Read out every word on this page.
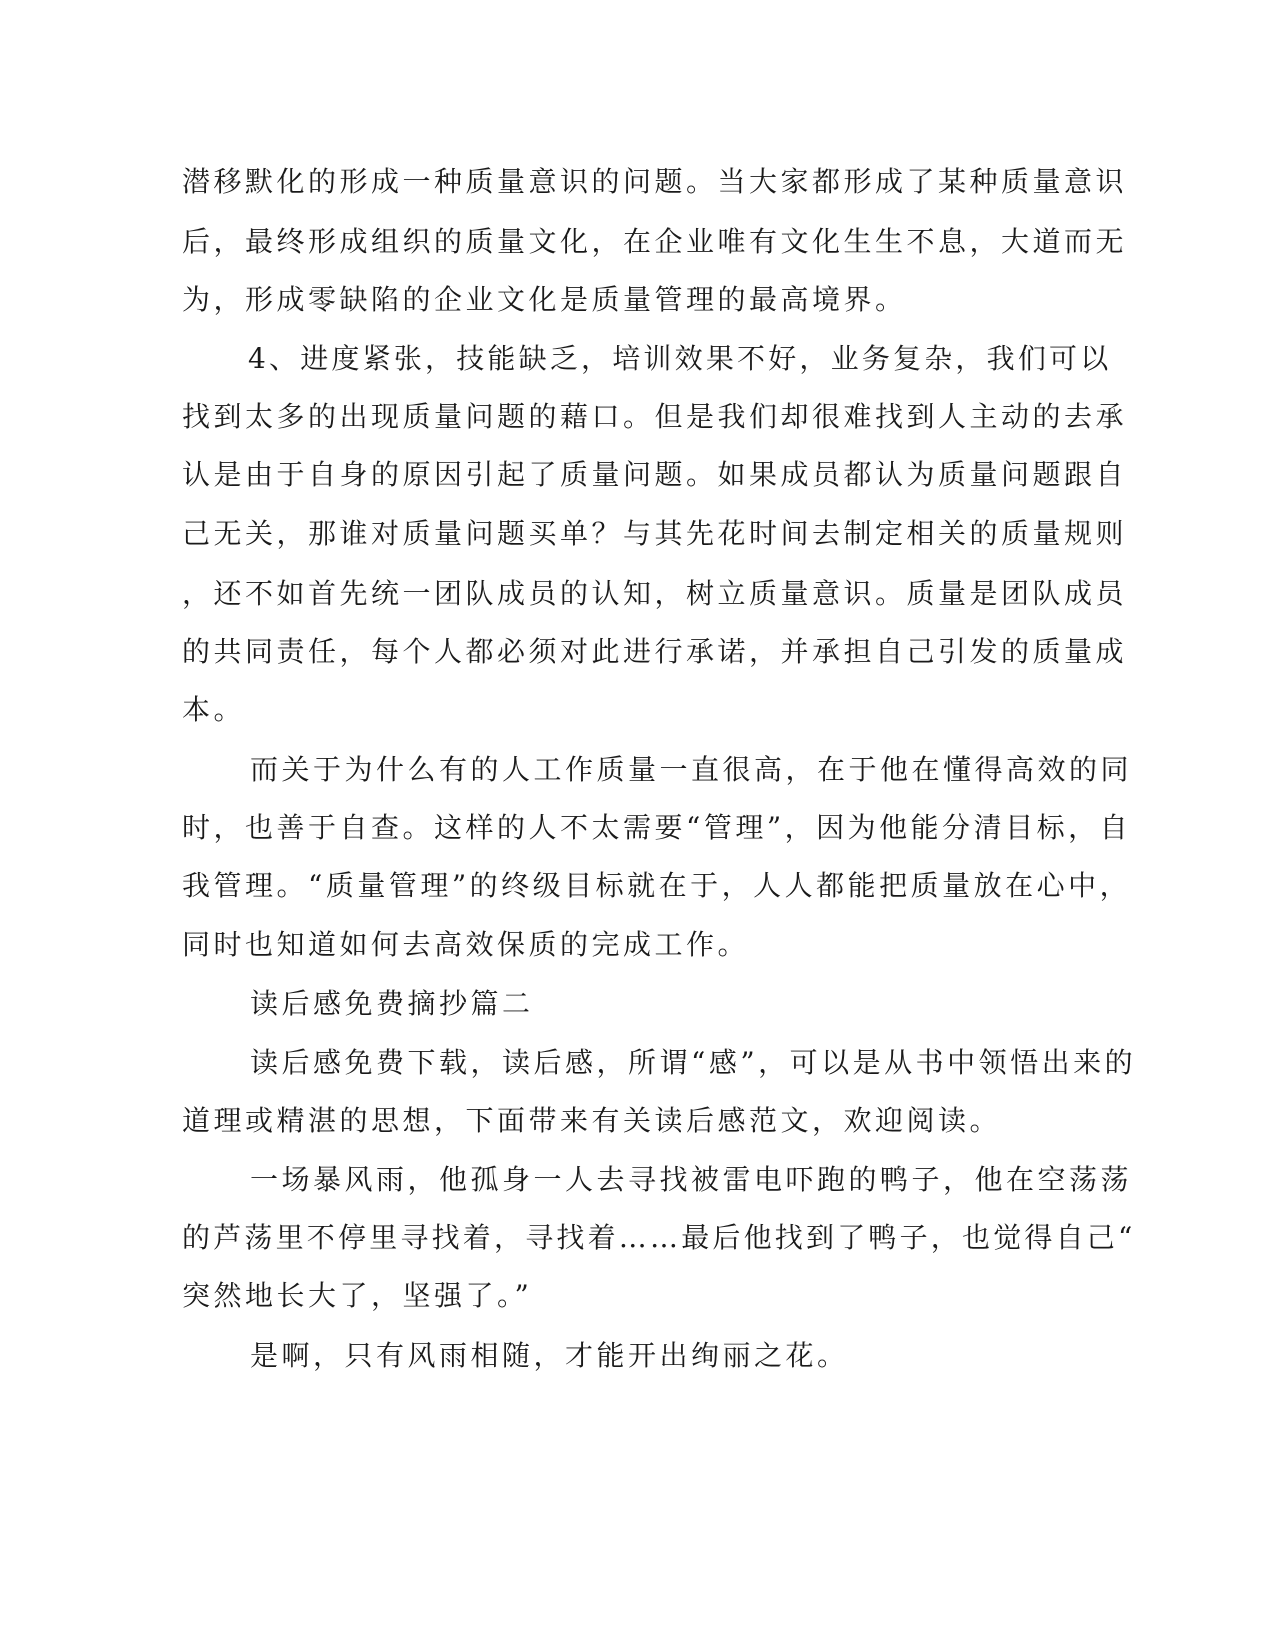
潜移默化的形成一种质量意识的问题。当大家都形成了某种质量意识
后，最终形成组织的质量文化，在企业唯有文化生生不息，大道而无
为，形成零缺陷的企业文化是质量管理的最高境界。
4、进度紧张，技能缺乏，培训效果不好，业务复杂，我们可以
找到太多的出现质量问题的藉口。但是我们却很难找到人主动的去承
认是由于自身的原因引起了质量问题。如果成员都认为质量问题跟自
己无关，那谁对质量问题买单？与其先花时间去制定相关的质量规则
，还不如首先统一团队成员的认知，树立质量意识。质量是团队成员
的共同责任，每个人都必须对此进行承诺，并承担自己引发的质量成
本。
而关于为什么有的人工作质量一直很高，在于他在懂得高效的同
时，也善于自查。这样的人不太需要“管理”，因为他能分清目标，自
我管理。“质量管理”的终级目标就在于，人人都能把质量放在心中，
同时也知道如何去高效保质的完成工作。
读后感免费摘抄篇二
读后感免费下载，读后感，所谓“感”，可以是从书中领悟出来的
道理或精湛的思想，下面带来有关读后感范文，欢迎阅读。
一场暴风雨，他孤身一人去寻找被雷电吓跑的鸭子，他在空荡荡
的芦荡里不停里寻找着，寻找着……最后他找到了鸭子，也觉得自己“
突然地长大了，坚强了。”
是啊，只有风雨相随，才能开出绚丽之花。
